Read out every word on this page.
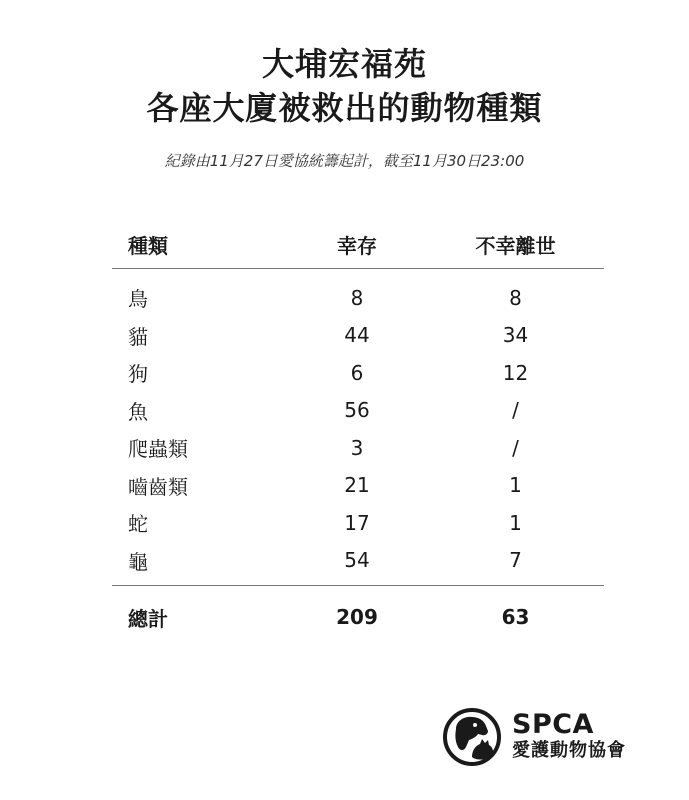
大埔宏福苑
各座大廈被救出的動物種類
紀錄由11月27日愛協統籌起計，截至11月30日23:00
種類	幸存	不幸離世
鳥	8	8
貓	44	34
狗	6	12
魚	56	/
爬蟲類	3	/
嚙齒類	21	1
蛇	17	1
龜	54	7
總計	209	63
SPCA
愛護動物協會
